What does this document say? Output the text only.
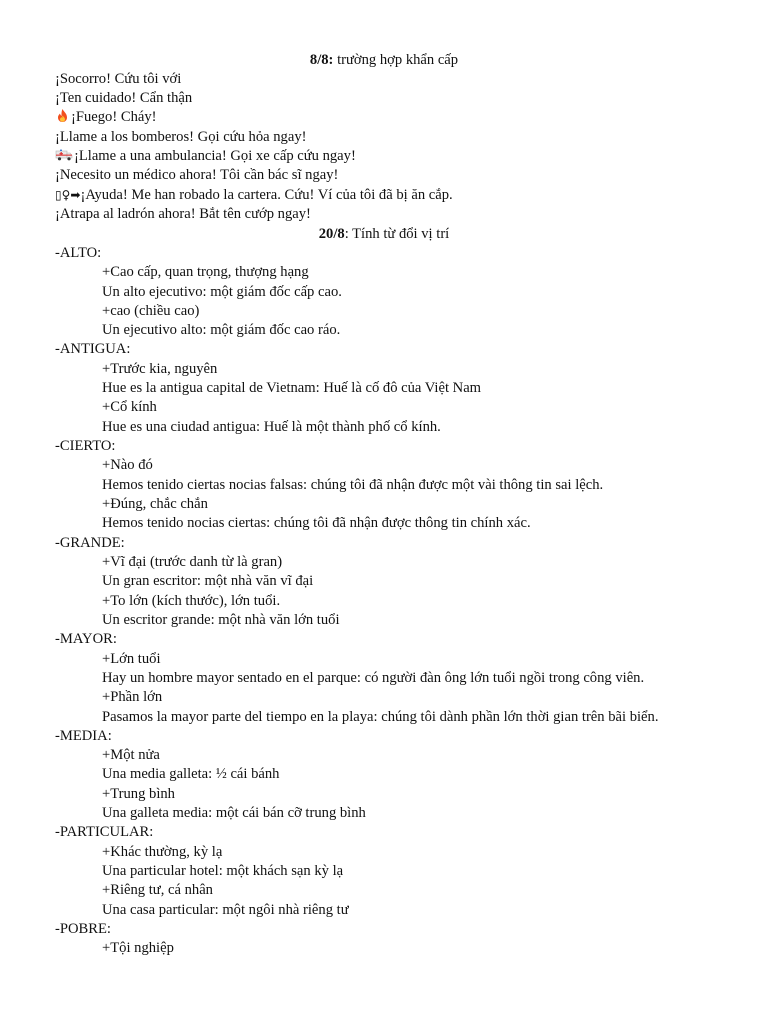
8/8: trường hợp khẩn cấp
¡Socorro! Cứu tôi với
¡Ten cuidado! Cẩn thận
¡Fuego! Cháy!
¡Llame a los bomberos! Gọi cứu hỏa ngay!
¡Llame a una ambulancia! Gọi xe cấp cứu ngay!
¡Necesito un médico ahora! Tôi cần bác sĩ ngay!
▯♀➡¡Ayuda! Me han robado la cartera. Cứu! Ví của tôi đã bị ăn cắp.
¡Atrapa al ladrón ahora! Bắt tên cướp ngay!
20/8: Tính từ đổi vị trí
-ALTO:
+Cao cấp, quan trọng, thượng hạng
Un alto ejecutivo: một giám đốc cấp cao.
+cao (chiều cao)
Un ejecutivo alto: một giám đốc cao ráo.
-ANTIGUA:
+Trước kia, nguyên
Hue es la antigua capital de Vietnam: Huế là cố đô của Việt Nam
+Cổ kính
Hue es una ciudad antigua: Huế là một thành phố cổ kính.
-CIERTO:
+Nào đó
Hemos tenido ciertas nocias falsas: chúng tôi đã nhận được một vài thông tin sai lệch.
+Đúng, chắc chắn
Hemos tenido nocias ciertas: chúng tôi đã nhận được thông tin chính xác.
-GRANDE:
+Vĩ đại (trước danh từ là gran)
Un gran escritor: một nhà văn vĩ đại
+To lớn (kích thước), lớn tuổi.
Un escritor grande: một nhà văn lớn tuổi
-MAYOR:
+Lớn tuổi
Hay un hombre mayor sentado en el parque: có người đàn ông lớn tuổi ngồi trong công viên.
+Phần lớn
Pasamos la mayor parte del tiempo en la playa: chúng tôi dành phần lớn thời gian trên bãi biển.
-MEDIA:
+Một nửa
Una media galleta: ½ cái bánh
+Trung bình
Una galleta media: một cái bán cỡ trung bình
-PARTICULAR:
+Khác thường, kỳ lạ
Una particular hotel: một khách sạn kỳ lạ
+Riêng tư, cá nhân
Una casa particular: một ngôi nhà riêng tư
-POBRE:
+Tội nghiệp
